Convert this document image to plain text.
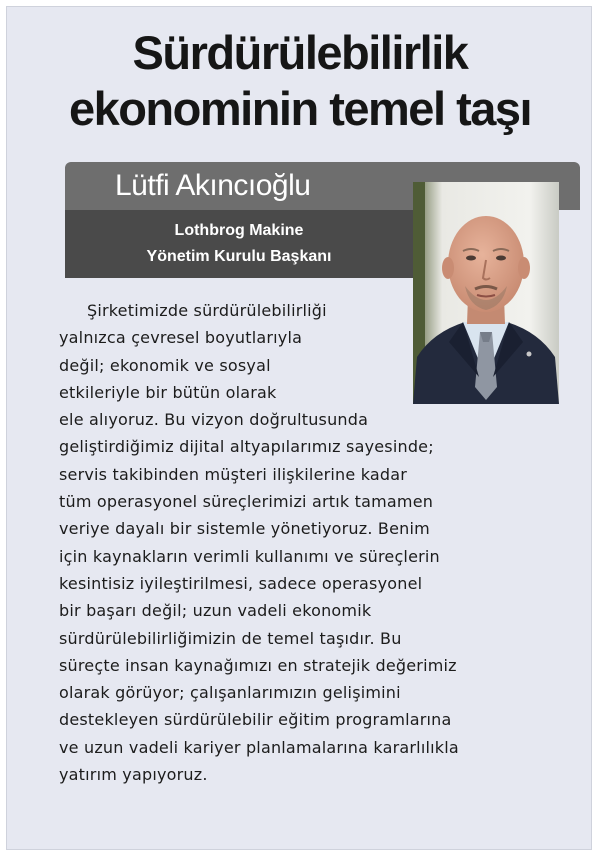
Sürdürülebilirlik
ekonominin temel taşı
Lütfi Akıncıoğlu
Lothbrog Makine
Yönetim Kurulu Başkanı
Şirketimizde sürdürülebilirliği
yalnızca çevresel boyutlarıyla
değil; ekonomik ve sosyal
etkileriyle bir bütün olarak
ele alıyoruz. Bu vizyon doğrultusunda
geliştirdiğimiz dijital altyapılarımız sayesinde;
servis takibinden müşteri ilişkilerine kadar
tüm operasyonel süreçlerimizi artık tamamen
veriye dayalı bir sistemle yönetiyoruz. Benim
için kaynakların verimli kullanımı ve süreçlerin
kesintisiz iyileştirilmesi, sadece operasyonel
bir başarı değil; uzun vadeli ekonomik
sürdürülebilirliğimizin de temel taşıdır. Bu
süreçte insan kaynağımızı en stratejik değerimiz
olarak görüyor; çalışanlarımızın gelişimini
destekleyen sürdürülebilir eğitim programlarına
ve uzun vadeli kariyer planlamalarına kararlılıkla
yatırım yapıyoruz.
